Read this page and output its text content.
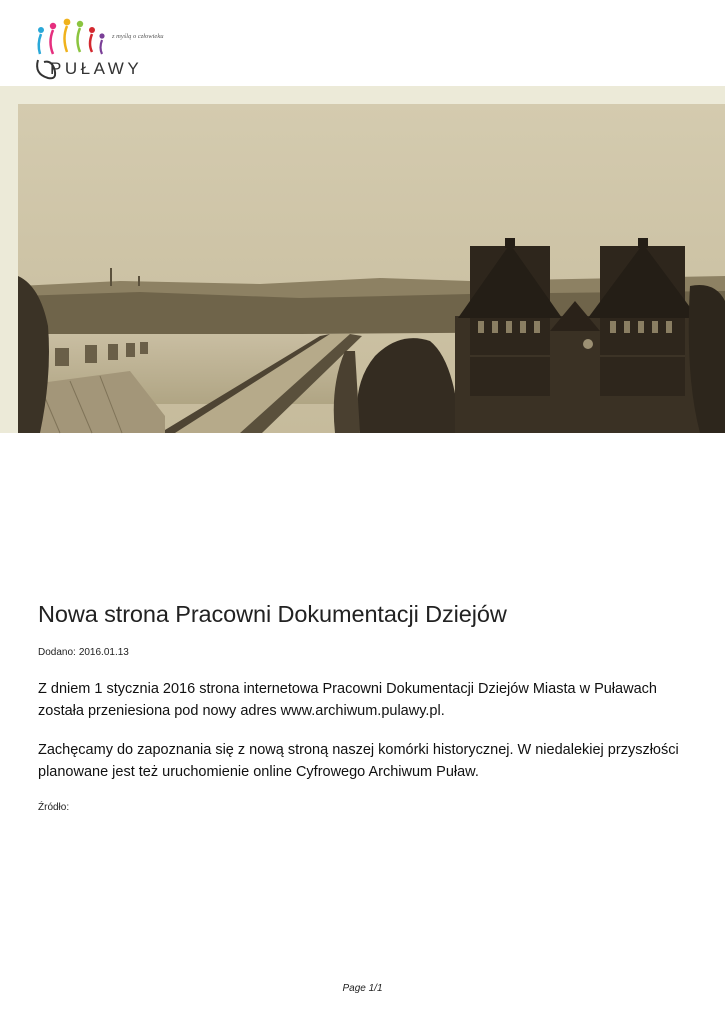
z myślą o człowieku
PUŁAWY
Nowa strona Pracowni Dokumentacji Dziejów
Dodano: 2016.01.13

Z dniem 1 stycznia 2016 strona internetowa Pracowni Dokumentacji Dziejów Miasta w Puławach została przeniesiona pod nowy adres www.archiwum.pulawy.pl.

Zachęcamy do zapoznania się z nową stroną naszej komórki historycznej. W niedalekiej przyszłości planowane jest też uruchomienie online Cyfrowego Archiwum Puław.

Źródło:
Page 1/1
